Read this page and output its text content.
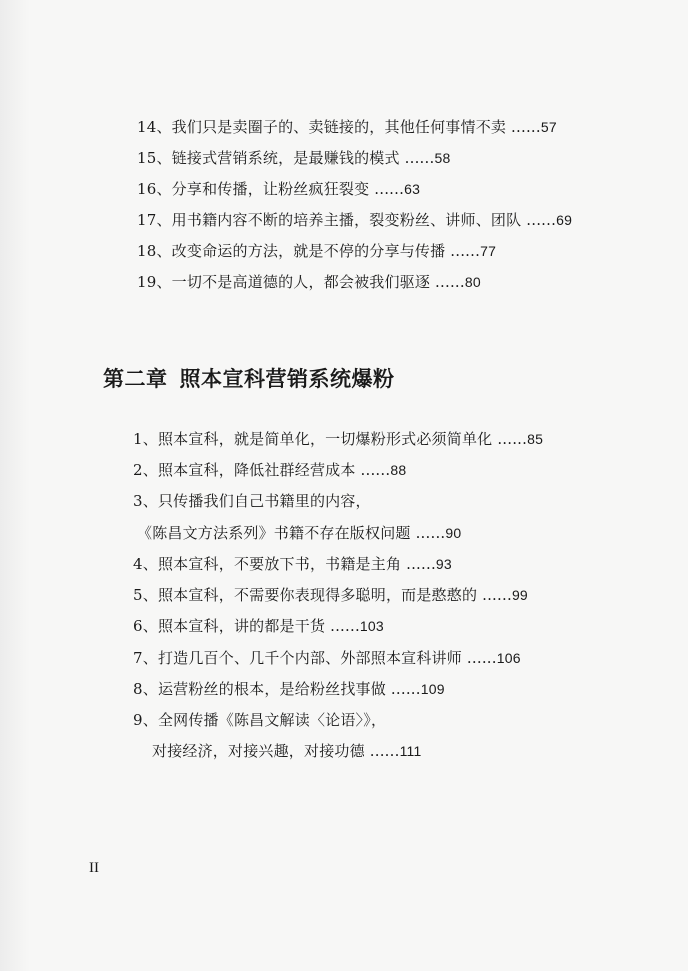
14、我们只是卖圈子的、卖链接的，其他任何事情不卖 ......57
15、链接式营销系统，是最赚钱的模式 ......58
16、分享和传播，让粉丝疯狂裂变 ......63
17、用书籍内容不断的培养主播，裂变粉丝、讲师、团队 ......69
18、改变命运的方法，就是不停的分享与传播 ......77
19、一切不是高道德的人，都会被我们驱逐 ......80
第二章 照本宣科营销系统爆粉
1、照本宣科，就是简单化，一切爆粉形式必须简单化 ......85
2、照本宣科，降低社群经营成本 ......88
3、只传播我们自己书籍里的内容，
《陈昌文方法系列》书籍不存在版权问题 ......90
4、照本宣科，不要放下书，书籍是主角 ......93
5、照本宣科，不需要你表现得多聪明，而是憨憨的 ......99
6、照本宣科，讲的都是干货 ......103
7、打造几百个、几千个内部、外部照本宣科讲师 ......106
8、运营粉丝的根本，是给粉丝找事做 ......109
9、全网传播《陈昌文解读〈论语〉》，
对接经济，对接兴趣，对接功德 ......111
II
